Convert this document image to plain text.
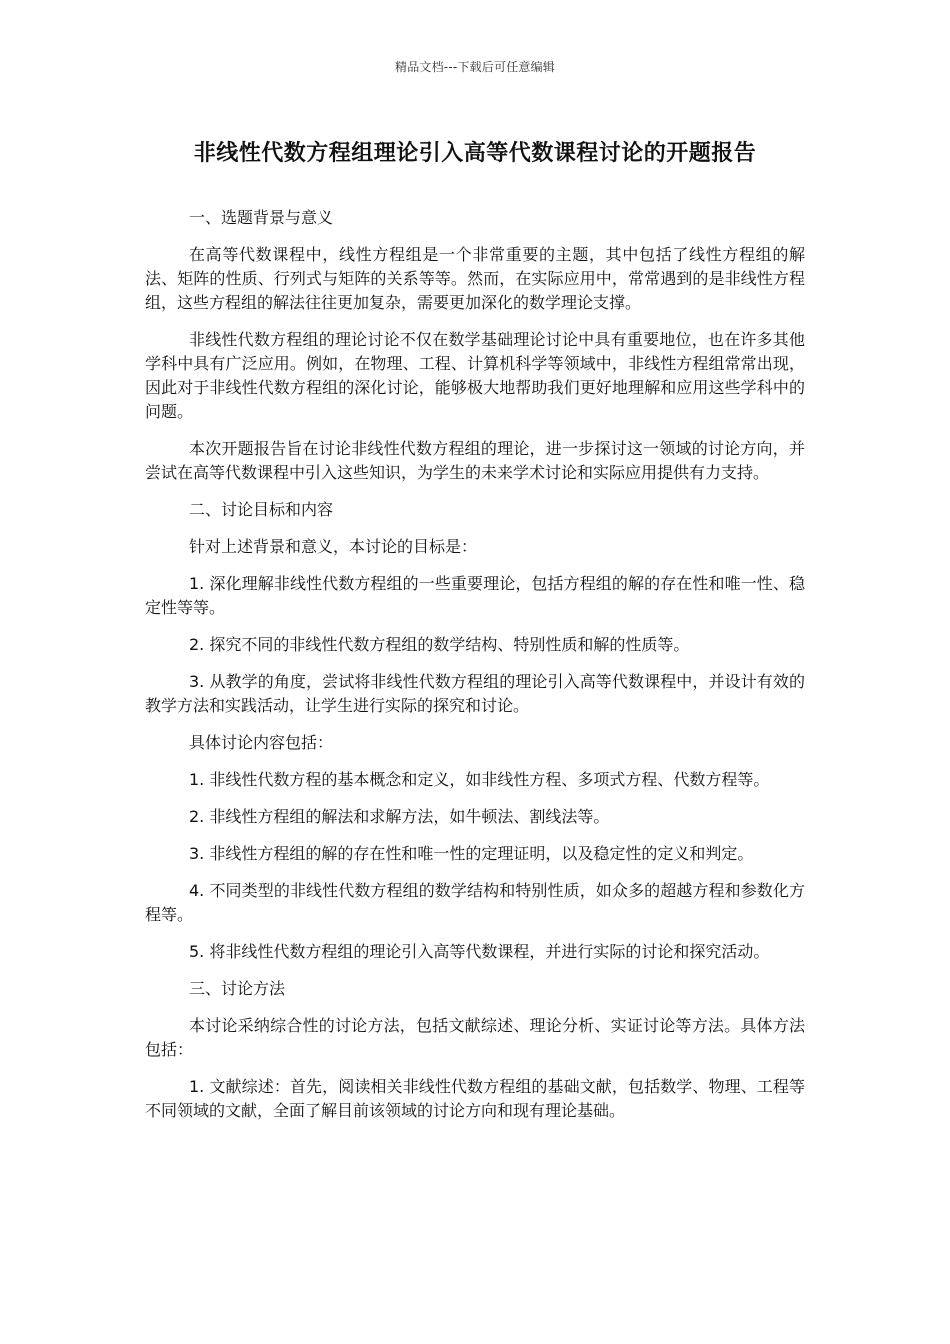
精品文档---下载后可任意编辑
非线性代数方程组理论引入高等代数课程讨论的开题报告

一、选题背景与意义

在高等代数课程中，线性方程组是一个非常重要的主题，其中包括了线性方程组的解法、矩阵的性质、行列式与矩阵的关系等等。然而，在实际应用中，常常遇到的是非线性方程组，这些方程组的解法往往更加复杂，需要更加深化的数学理论支撑。

非线性代数方程组的理论讨论不仅在数学基础理论讨论中具有重要地位，也在许多其他学科中具有广泛应用。例如，在物理、工程、计算机科学等领域中，非线性方程组常常出现，因此对于非线性代数方程组的深化讨论，能够极大地帮助我们更好地理解和应用这些学科中的问题。

本次开题报告旨在讨论非线性代数方程组的理论，进一步探讨这一领域的讨论方向，并尝试在高等代数课程中引入这些知识，为学生的未来学术讨论和实际应用提供有力支持。

二、讨论目标和内容

针对上述背景和意义，本讨论的目标是：

1. 深化理解非线性代数方程组的一些重要理论，包括方程组的解的存在性和唯一性、稳定性等等。

2. 探究不同的非线性代数方程组的数学结构、特别性质和解的性质等。

3. 从教学的角度，尝试将非线性代数方程组的理论引入高等代数课程中，并设计有效的教学方法和实践活动，让学生进行实际的探究和讨论。

具体讨论内容包括：

1. 非线性代数方程的基本概念和定义，如非线性方程、多项式方程、代数方程等。

2. 非线性方程组的解法和求解方法，如牛顿法、割线法等。

3. 非线性方程组的解的存在性和唯一性的定理证明，以及稳定性的定义和判定。

4. 不同类型的非线性代数方程组的数学结构和特别性质，如众多的超越方程和参数化方程等。

5. 将非线性代数方程组的理论引入高等代数课程，并进行实际的讨论和探究活动。

三、讨论方法

本讨论采纳综合性的讨论方法，包括文献综述、理论分析、实证讨论等方法。具体方法包括：

1. 文献综述：首先，阅读相关非线性代数方程组的基础文献，包括数学、物理、工程等不同领域的文献，全面了解目前该领域的讨论方向和现有理论基础。
